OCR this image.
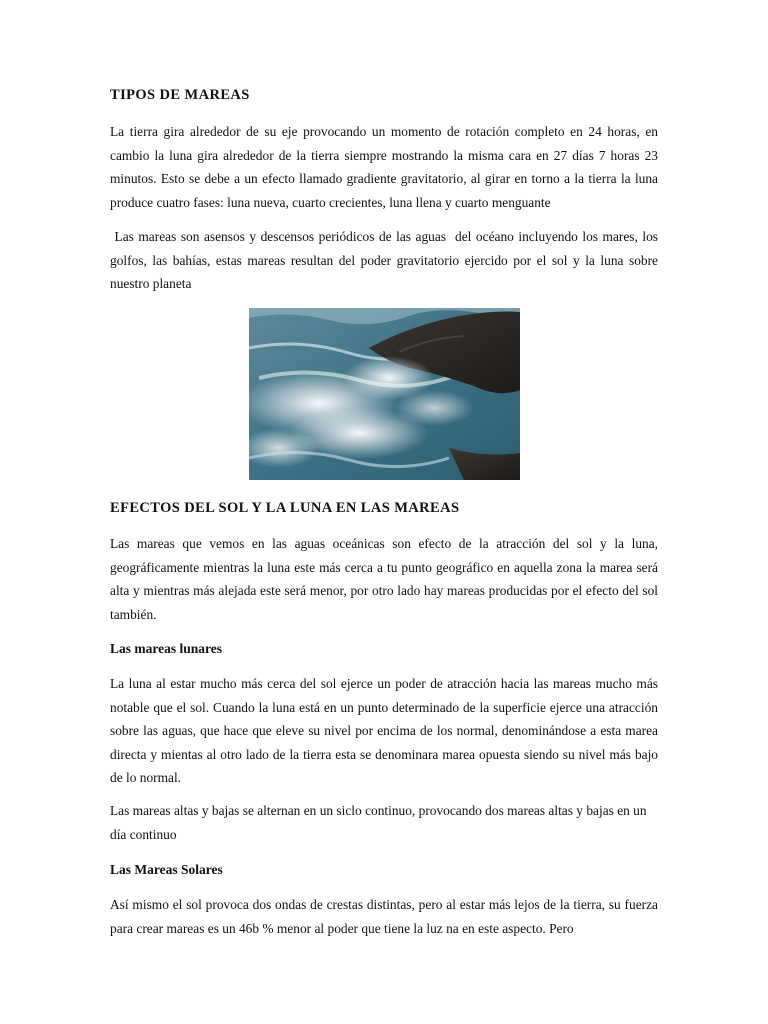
TIPOS DE MAREAS

La tierra gira alrededor de su eje provocando un momento de rotación completo en 24 horas, en cambio la luna gira alrededor de la tierra siempre mostrando la misma cara en 27 días 7 horas 23 minutos. Esto se debe a un efecto llamado gradiente gravitatorio, al girar en torno a la tierra la luna produce cuatro fases: luna nueva, cuarto crecientes, luna llena y cuarto menguante

Las mareas son asensos y descensos periódicos de las aguas  del océano incluyendo los mares, los golfos, las bahías, estas mareas resultan del poder gravitatorio ejercido por el sol y la luna sobre nuestro planeta

EFECTOS DEL SOL Y LA LUNA EN LAS MAREAS

Las mareas que vemos en las aguas oceánicas son efecto de la atracción del sol y la luna, geográficamente mientras la luna este más cerca a tu punto geográfico en aquella zona la marea será alta y mientras más alejada este será menor, por otro lado hay mareas producidas por el efecto del sol también.

Las mareas lunares

La luna al estar mucho más cerca del sol ejerce un poder de atracción hacia las mareas mucho más notable que el sol. Cuando la luna está en un punto determinado de la superficie ejerce una atracción sobre las aguas, que hace que eleve su nivel por encima de los normal, denominándose a esta marea directa y mientas al otro lado de la tierra esta se denominara marea opuesta siendo su nivel más bajo de lo normal.

Las mareas altas y bajas se alternan en un siclo continuo, provocando dos mareas altas y bajas en un día continuo

Las Mareas Solares

Así mismo el sol provoca dos ondas de crestas distintas, pero al estar más lejos de la tierra, su fuerza para crear mareas es un 46b % menor al poder que tiene la luz na en este aspecto. Pero
